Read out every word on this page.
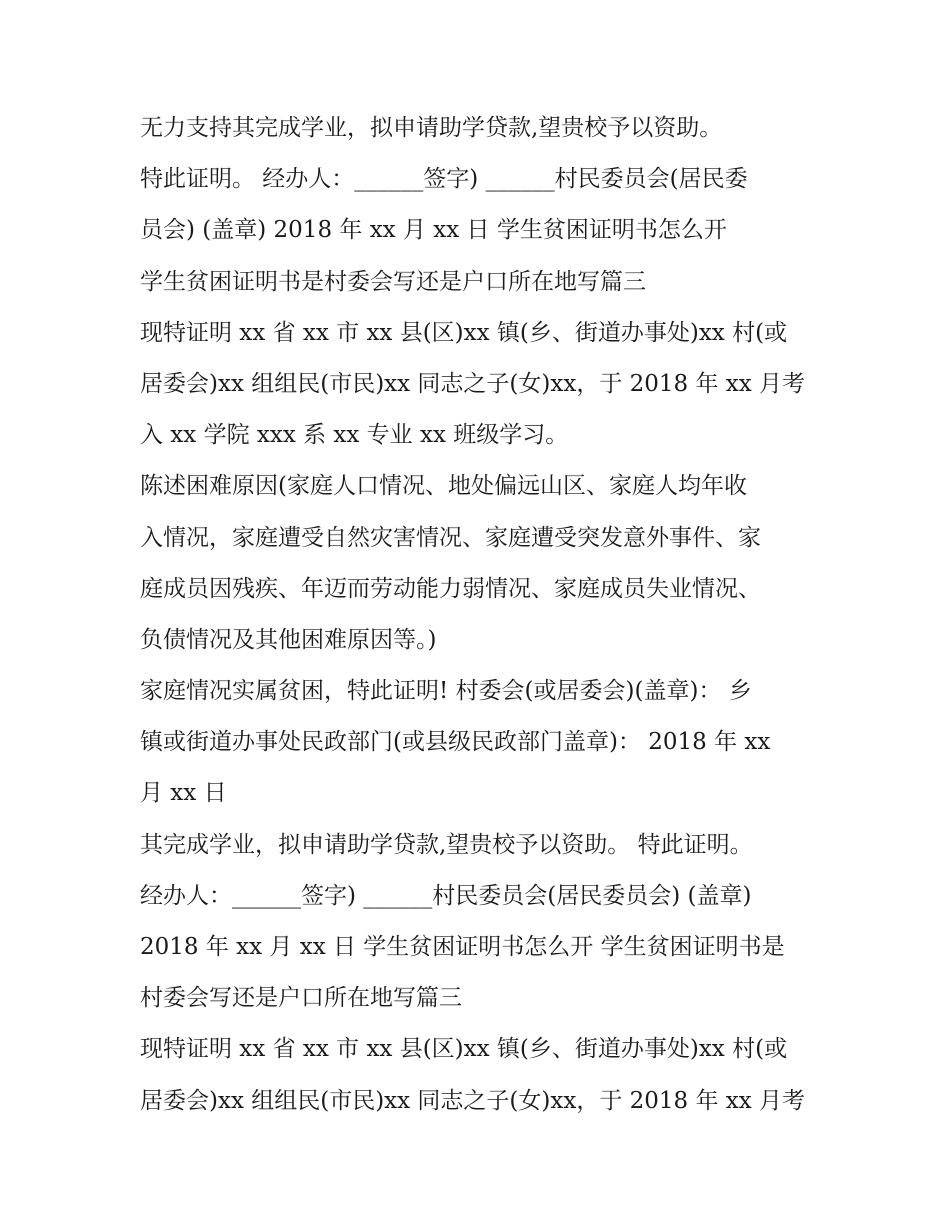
无力支持其完成学业，拟申请助学贷款,望贵校予以资助。
特此证明。 经办人：______签字) ______村民委员会(居民委
员会) (盖章) 2018 年 xx 月 xx 日 学生贫困证明书怎么开
学生贫困证明书是村委会写还是户口所在地写篇三
现特证明 xx 省 xx 市 xx 县(区)xx 镇(乡、街道办事处)xx 村(或
居委会)xx 组组民(市民)xx 同志之子(女)xx，于 2018 年 xx 月考
入 xx 学院 xxx 系 xx 专业 xx 班级学习。
陈述困难原因(家庭人口情况、地处偏远山区、家庭人均年收
入情况，家庭遭受自然灾害情况、家庭遭受突发意外事件、家
庭成员因残疾、年迈而劳动能力弱情况、家庭成员失业情况、
负债情况及其他困难原因等。)
家庭情况实属贫困，特此证明! 村委会(或居委会)(盖章)： 乡
镇或街道办事处民政部门(或县级民政部门盖章)： 2018 年 xx
月 xx 日
其完成学业，拟申请助学贷款,望贵校予以资助。 特此证明。
经办人：______签字) ______村民委员会(居民委员会) (盖章)
2018 年 xx 月 xx 日 学生贫困证明书怎么开 学生贫困证明书是
村委会写还是户口所在地写篇三
现特证明 xx 省 xx 市 xx 县(区)xx 镇(乡、街道办事处)xx 村(或
居委会)xx 组组民(市民)xx 同志之子(女)xx，于 2018 年 xx 月考
